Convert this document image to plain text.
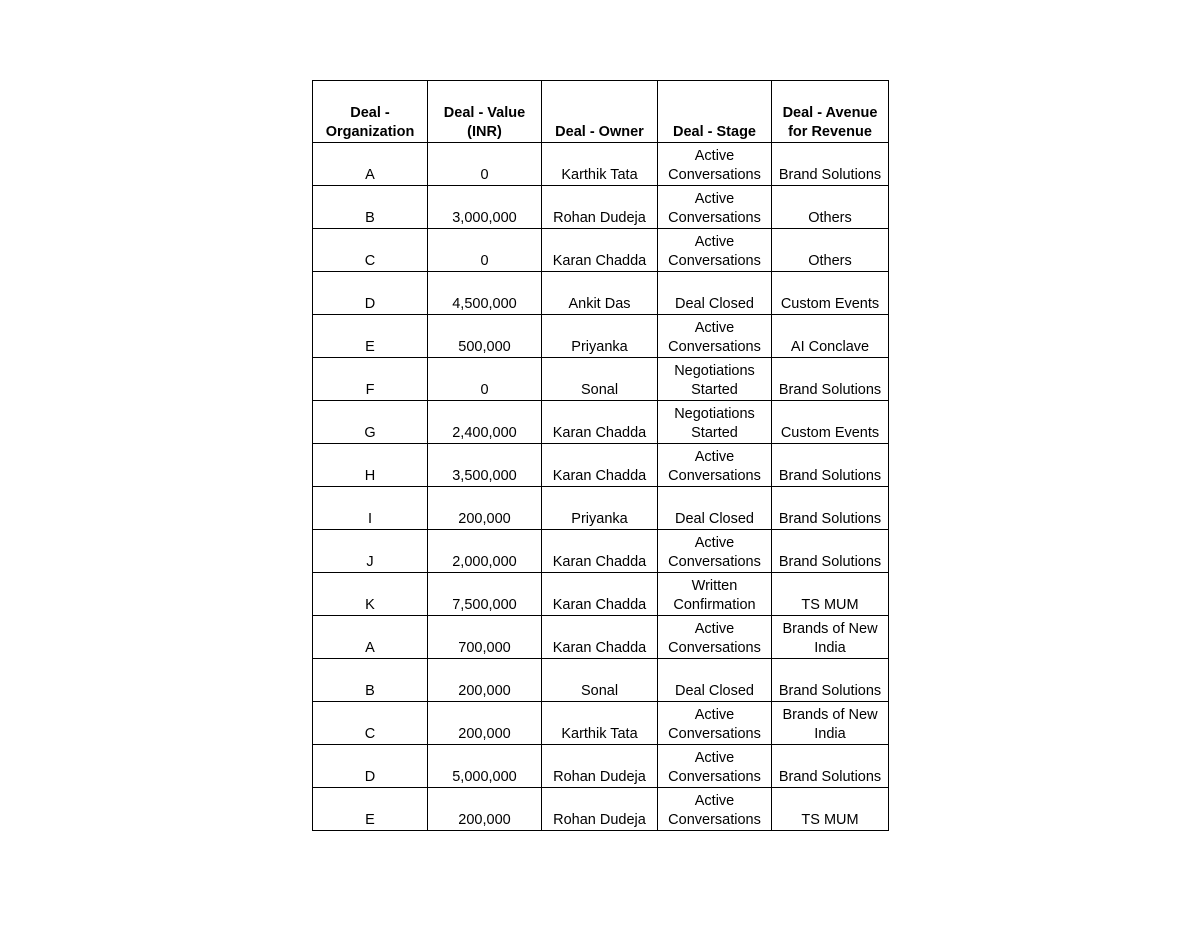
Deal - Organization	Deal - Value (INR)	Deal - Owner	Deal - Stage	Deal - Avenue for Revenue
A	0	Karthik Tata	Active Conversations	Brand Solutions
B	3,000,000	Rohan Dudeja	Active Conversations	Others
C	0	Karan Chadda	Active Conversations	Others
D	4,500,000	Ankit Das	Deal Closed	Custom Events
E	500,000	Priyanka	Active Conversations	AI Conclave
F	0	Sonal	Negotiations Started	Brand Solutions
G	2,400,000	Karan Chadda	Negotiations Started	Custom Events
H	3,500,000	Karan Chadda	Active Conversations	Brand Solutions
I	200,000	Priyanka	Deal Closed	Brand Solutions
J	2,000,000	Karan Chadda	Active Conversations	Brand Solutions
K	7,500,000	Karan Chadda	Written Confirmation	TS MUM
A	700,000	Karan Chadda	Active Conversations	Brands of New India
B	200,000	Sonal	Deal Closed	Brand Solutions
C	200,000	Karthik Tata	Active Conversations	Brands of New India
D	5,000,000	Rohan Dudeja	Active Conversations	Brand Solutions
E	200,000	Rohan Dudeja	Active Conversations	TS MUM
